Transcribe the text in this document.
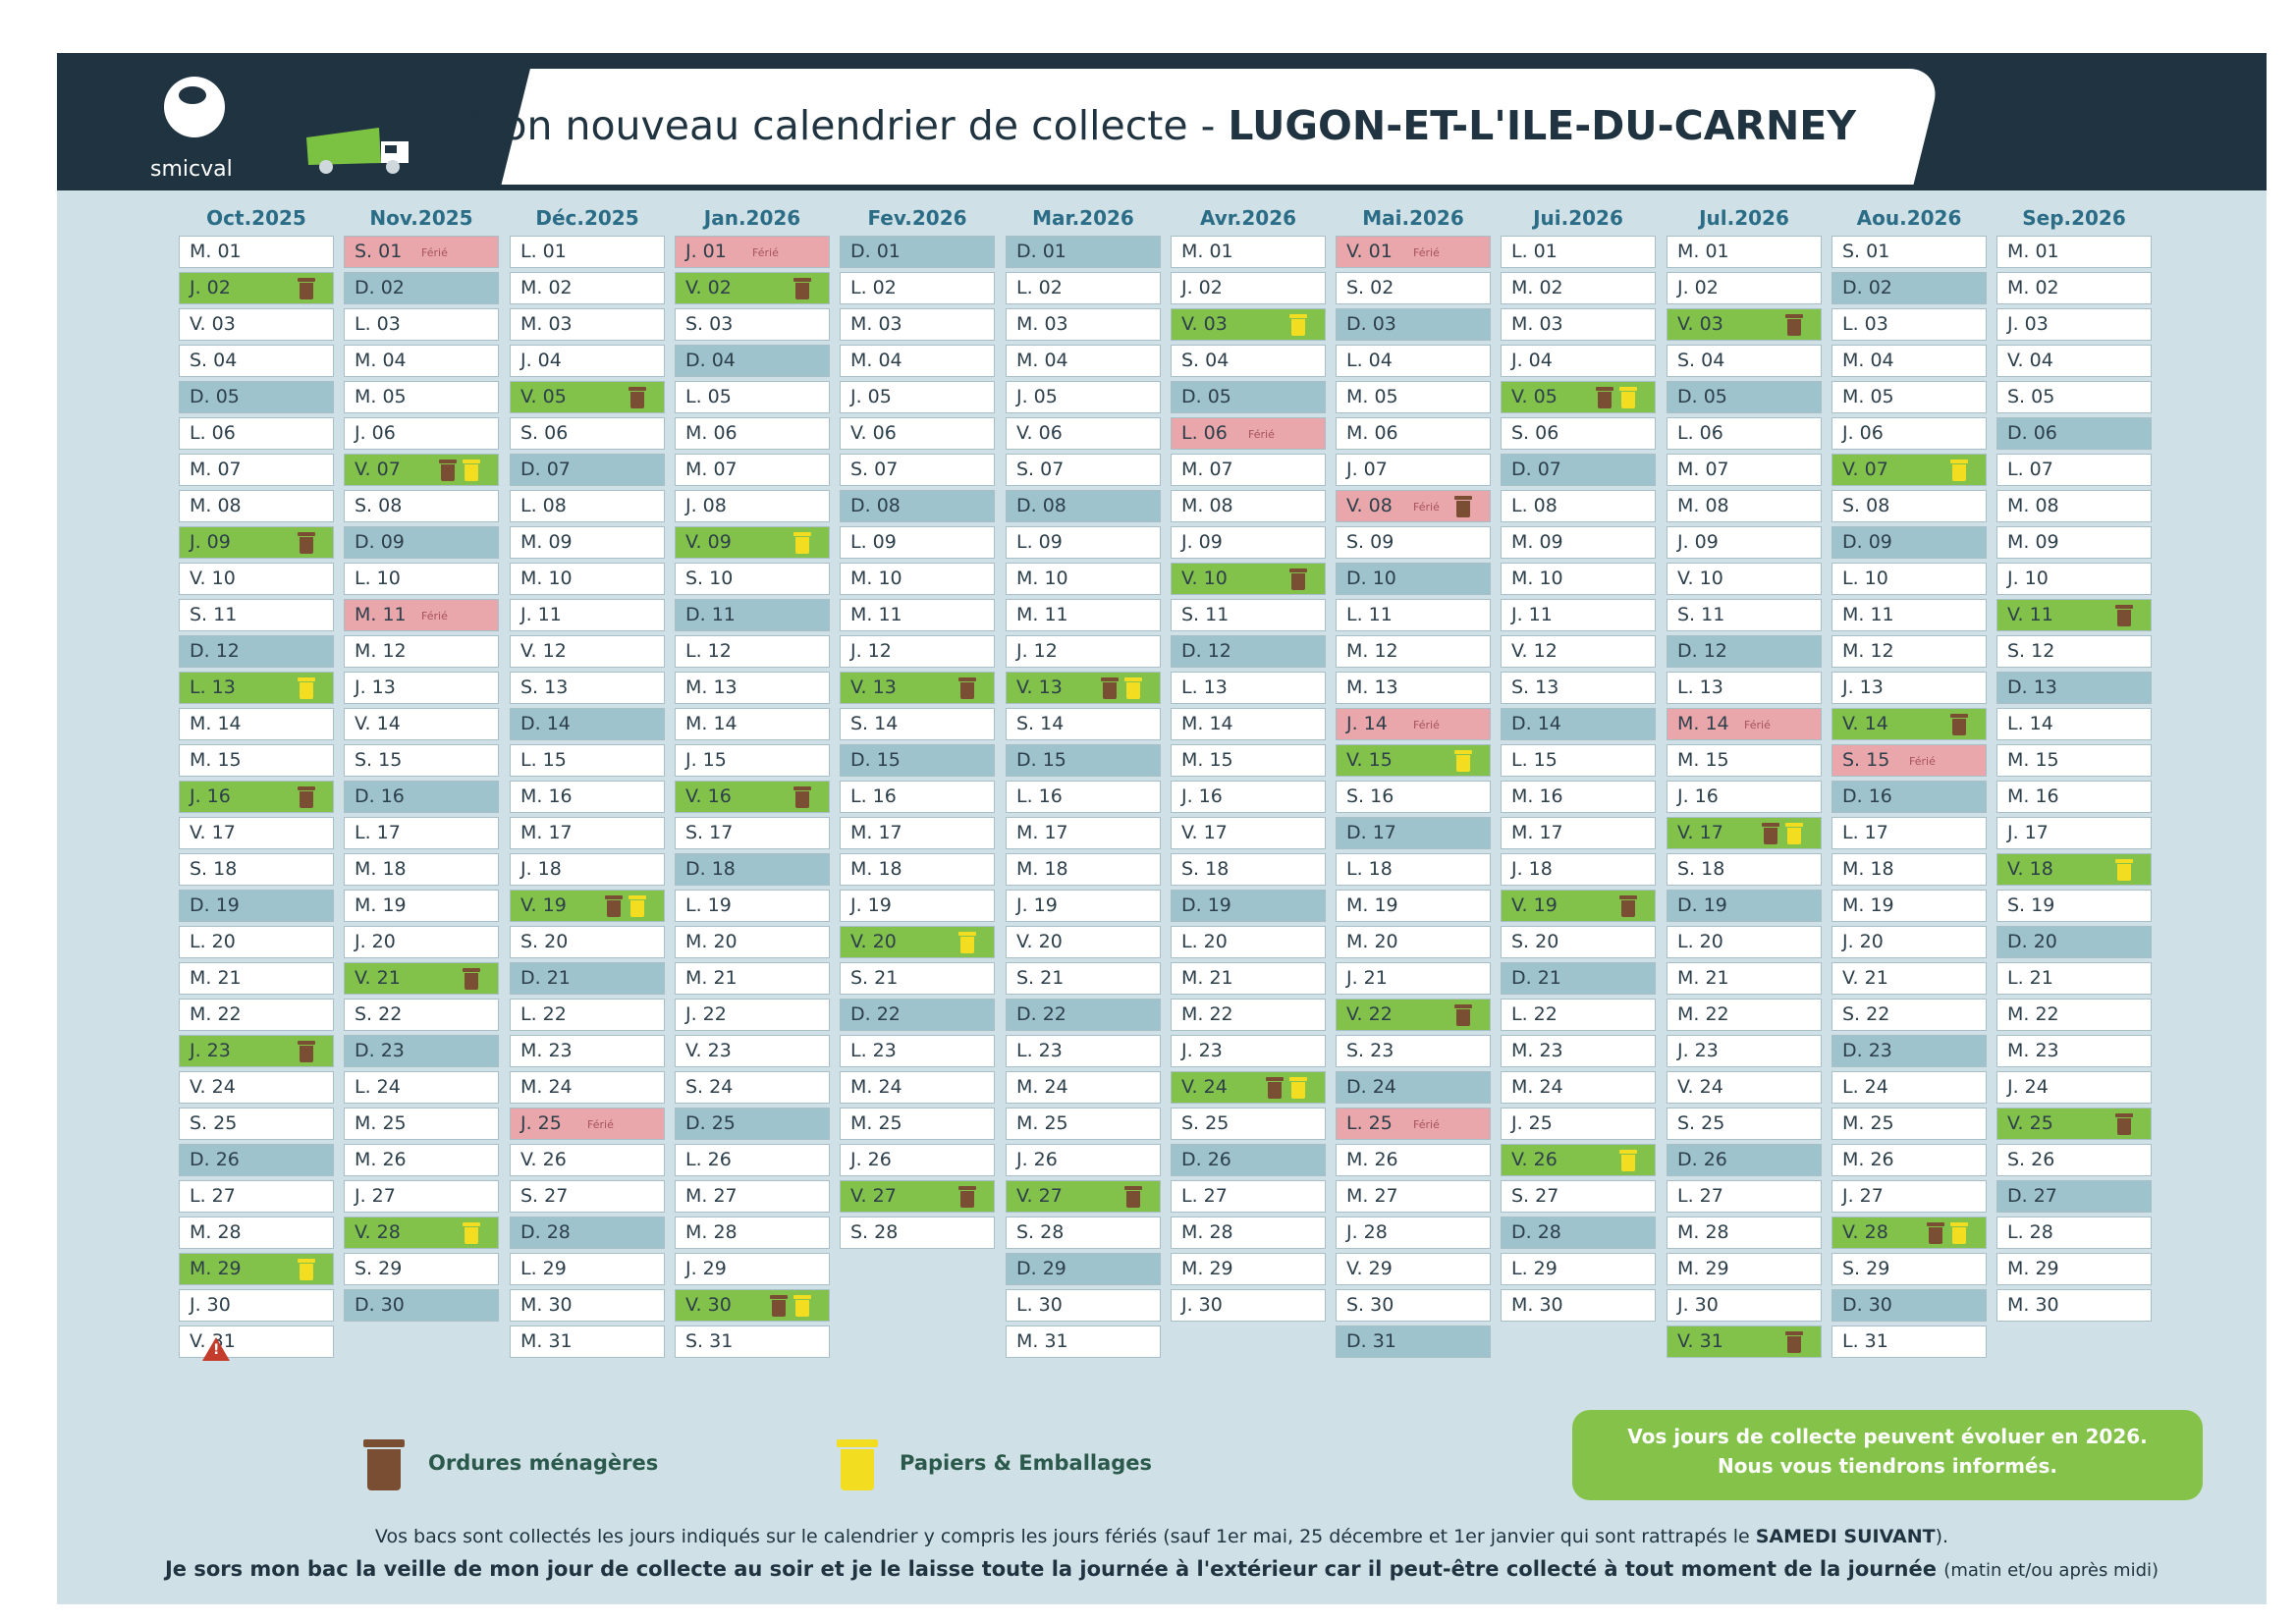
smicval
Mon nouveau calendrier de collecte - LUGON-ET-L'ILE-DU-CARNEY
Oct.2025
M. 01
J. 02
V. 03
S. 04
D. 05
L. 06
M. 07
M. 08
J. 09
V. 10
S. 11
D. 12
L. 13
M. 14
M. 15
J. 16
V. 17
S. 18
D. 19
L. 20
M. 21
M. 22
J. 23
V. 24
S. 25
D. 26
L. 27
M. 28
M. 29
J. 30
V. 31
Nov.2025
S. 01 Férié
D. 02
L. 03
M. 04
M. 05
J. 06
V. 07
S. 08
D. 09
L. 10
M. 11 Férié
M. 12
J. 13
V. 14
S. 15
D. 16
L. 17
M. 18
M. 19
J. 20
V. 21
S. 22
D. 23
L. 24
M. 25
M. 26
J. 27
V. 28
S. 29
D. 30
Déc.2025
L. 01
M. 02
M. 03
J. 04
V. 05
S. 06
D. 07
L. 08
M. 09
M. 10
J. 11
V. 12
S. 13
D. 14
L. 15
M. 16
M. 17
J. 18
V. 19
S. 20
D. 21
L. 22
M. 23
M. 24
J. 25 Férié
V. 26
S. 27
D. 28
L. 29
M. 30
M. 31
Jan.2026
J. 01 Férié
V. 02
S. 03
D. 04
L. 05
M. 06
M. 07
J. 08
V. 09
S. 10
D. 11
L. 12
M. 13
M. 14
J. 15
V. 16
S. 17
D. 18
L. 19
M. 20
M. 21
J. 22
V. 23
S. 24
D. 25
L. 26
M. 27
M. 28
J. 29
V. 30
S. 31
Fev.2026
D. 01
L. 02
M. 03
M. 04
J. 05
V. 06
S. 07
D. 08
L. 09
M. 10
M. 11
J. 12
V. 13
S. 14
D. 15
L. 16
M. 17
M. 18
J. 19
V. 20
S. 21
D. 22
L. 23
M. 24
M. 25
J. 26
V. 27
S. 28
Mar.2026
D. 01
L. 02
M. 03
M. 04
J. 05
V. 06
S. 07
D. 08
L. 09
M. 10
M. 11
J. 12
V. 13
S. 14
D. 15
L. 16
M. 17
M. 18
J. 19
V. 20
S. 21
D. 22
L. 23
M. 24
M. 25
J. 26
V. 27
S. 28
D. 29
L. 30
M. 31
Avr.2026
M. 01
J. 02
V. 03
S. 04
D. 05
L. 06 Férié
M. 07
M. 08
J. 09
V. 10
S. 11
D. 12
L. 13
M. 14
M. 15
J. 16
V. 17
S. 18
D. 19
L. 20
M. 21
M. 22
J. 23
V. 24
S. 25
D. 26
L. 27
M. 28
M. 29
J. 30
Mai.2026
V. 01 Férié
S. 02
D. 03
L. 04
M. 05
M. 06
J. 07
V. 08 Férié
S. 09
D. 10
L. 11
M. 12
M. 13
J. 14 Férié
V. 15
S. 16
D. 17
L. 18
M. 19
M. 20
J. 21
V. 22
S. 23
D. 24
L. 25 Férié
M. 26
M. 27
J. 28
V. 29
S. 30
D. 31
Jui.2026
L. 01
M. 02
M. 03
J. 04
V. 05
S. 06
D. 07
L. 08
M. 09
M. 10
J. 11
V. 12
S. 13
D. 14
L. 15
M. 16
M. 17
J. 18
V. 19
S. 20
D. 21
L. 22
M. 23
M. 24
J. 25
V. 26
S. 27
D. 28
L. 29
M. 30
Jul.2026
M. 01
J. 02
V. 03
S. 04
D. 05
L. 06
M. 07
M. 08
J. 09
V. 10
S. 11
D. 12
L. 13
M. 14 Férié
M. 15
J. 16
V. 17
S. 18
D. 19
L. 20
M. 21
M. 22
J. 23
V. 24
S. 25
D. 26
L. 27
M. 28
M. 29
J. 30
V. 31
Aou.2026
S. 01
D. 02
L. 03
M. 04
M. 05
J. 06
V. 07
S. 08
D. 09
L. 10
M. 11
M. 12
J. 13
V. 14
S. 15 Férié
D. 16
L. 17
M. 18
M. 19
J. 20
V. 21
S. 22
D. 23
L. 24
M. 25
M. 26
J. 27
V. 28
S. 29
D. 30
L. 31
Sep.2026
M. 01
M. 02
J. 03
V. 04
S. 05
D. 06
L. 07
M. 08
M. 09
J. 10
V. 11
S. 12
D. 13
L. 14
M. 15
M. 16
J. 17
V. 18
S. 19
D. 20
L. 21
M. 22
M. 23
J. 24
V. 25
S. 26
D. 27
L. 28
M. 29
M. 30
!
Ordures ménagères	Papiers & Emballages
Vos jours de collecte peuvent évoluer en 2026.
Nous vous tiendrons informés.
Vos bacs sont collectés les jours indiqués sur le calendrier y compris les jours fériés (sauf 1er mai, 25 décembre et 1er janvier qui sont rattrapés le SAMEDI SUIVANT).
Je sors mon bac la veille de mon jour de collecte au soir et je le laisse toute la journée à l'extérieur car il peut-être collecté à tout moment de la journée (matin et/ou après midi)
